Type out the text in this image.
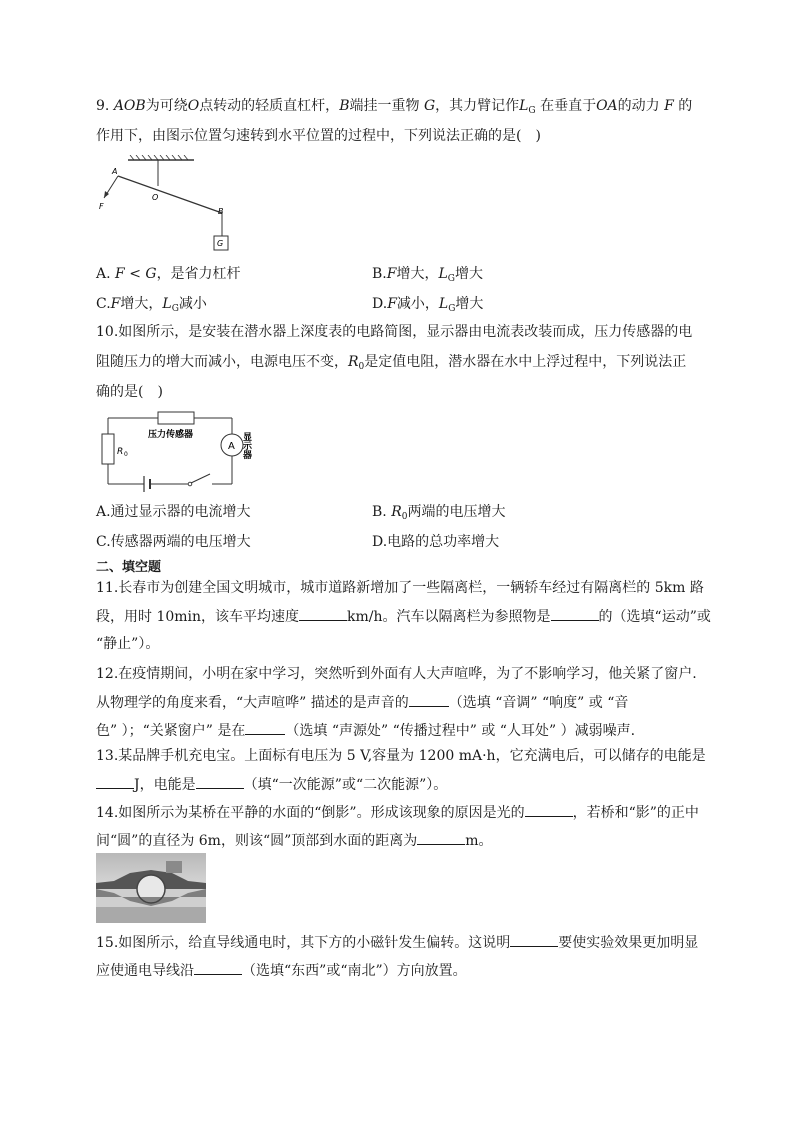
9. AOB为可绕O点转动的轻质直杠杆，B端挂一重物 G，其力臂记作$L_G$ 在垂直于OA的动力 F 的
作用下，由图示位置匀速转到水平位置的过程中，下列说法正确的是(　)
A
O
B
F
G
A. F < G，是省力杠杆	B.F增大，$L_G$增大
C.F增大，$L_G$减小	D.F减小，$L_G$增大
10.如图所示，是安装在潜水器上深度表的电路简图，显示器由电流表改装而成，压力传感器的电
阻随压力的增大而减小，电源电压不变，$R_0$是定值电阻，潜水器在水中上浮过程中，下列说法正
确的是(　)
压力传感器
R 0
A 显示器
A.通过显示器的电流增大	B. $R_0$两端的电压增大
C.传感器两端的电压增大	D.电路的总功率增大
二、填空题
11.长春市为创建全国文明城市，城市道路新增加了一些隔离栏，一辆轿车经过有隔离栏的 5km 路
段，用时 10min，该车平均速度	km/h。汽车以隔离栏为参照物是	的（选填“运动”或
“静止”）。
12.在疫情期间，小明在家中学习，突然听到外面有人大声喧哗，为了不影响学习，他关紧了窗户.
从物理学的角度来看，“大声喧哗” 描述的是声音的	（选填 “音调” “响度” 或 “音
色” ）；“关紧窗户” 是在	（选填 “声源处” “传播过程中” 或 “人耳处” ）减弱噪声.
13.某品牌手机充电宝。上面标有电压为 5 V,容量为 1200 mA·h，它充满电后，可以储存的电能是
J，电能是	（填“一次能源”或“二次能源”）。
14.如图所示为某桥在平静的水面的“倒影”。形成该现象的原因是光的	，若桥和“影”的正中
间“圆”的直径为 6m，则该“圆”顶部到水面的距离为	m。
15.如图所示，给直导线通电时，其下方的小磁针发生偏转。这说明	要使实验效果更加明显
应使通电导线沿	（选填“东西”或“南北”）方向放置。
